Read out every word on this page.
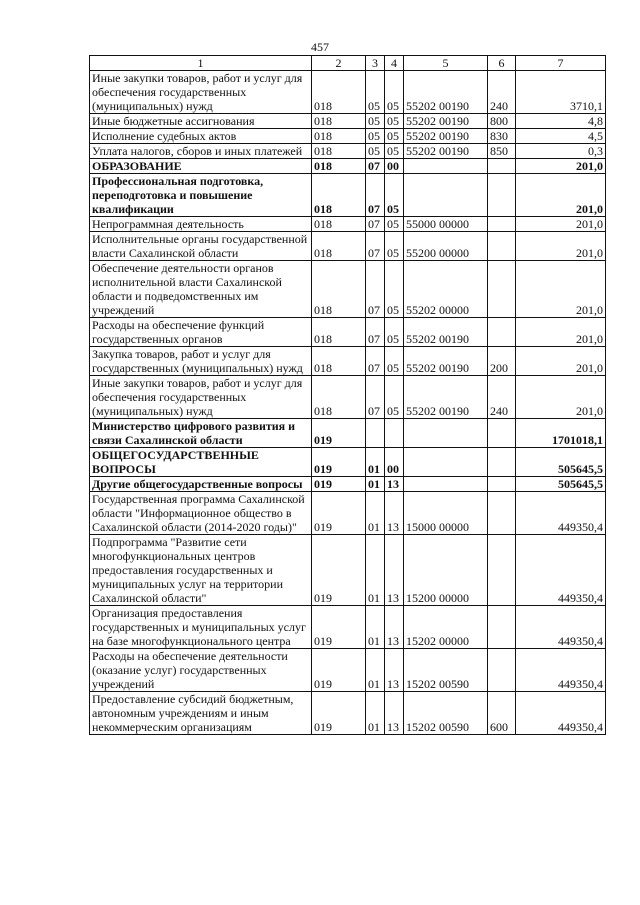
457
1	2	3	4	5	6	7
Иные закупки товаров, работ и услуг для обеспечения государственных (муниципальных) нужд	018	05	05	55202 00190	240	3710,1
Иные бюджетные ассигнования	018	05	05	55202 00190	800	4,8
Исполнение судебных актов	018	05	05	55202 00190	830	4,5
Уплата налогов, сборов и иных платежей	018	05	05	55202 00190	850	0,3
ОБРАЗОВАНИЕ	018	07	00			201,0
Профессиональная подготовка, переподготовка и повышение квалификации	018	07	05			201,0
Непрограммная деятельность	018	07	05	55000 00000		201,0
Исполнительные органы государственной власти Сахалинской области	018	07	05	55200 00000		201,0
Обеспечение деятельности органов исполнительной власти Сахалинской области и подведомственных им учреждений	018	07	05	55202 00000		201,0
Расходы на обеспечение функций государственных органов	018	07	05	55202 00190		201,0
Закупка товаров, работ и услуг для государственных (муниципальных) нужд	018	07	05	55202 00190	200	201,0
Иные закупки товаров, работ и услуг для обеспечения государственных (муниципальных) нужд	018	07	05	55202 00190	240	201,0
Министерство цифрового развития и связи Сахалинской области	019					1701018,1
ОБЩЕГОСУДАРСТВЕННЫЕ ВОПРОСЫ	019	01	00			505645,5
Другие общегосударственные вопросы	019	01	13			505645,5
Государственная программа Сахалинской области "Информационное общество в Сахалинской области (2014-2020 годы)"	019	01	13	15000 00000		449350,4
Подпрограмма "Развитие сети многофункциональных центров предоставления государственных и муниципальных услуг на территории Сахалинской области"	019	01	13	15200 00000		449350,4
Организация предоставления государственных и муниципальных услуг на базе многофункционального центра	019	01	13	15202 00000		449350,4
Расходы на обеспечение деятельности (оказание услуг) государственных учреждений	019	01	13	15202 00590		449350,4
Предоставление субсидий бюджетным, автономным учреждениям и иным некоммерческим организациям	019	01	13	15202 00590	600	449350,4
